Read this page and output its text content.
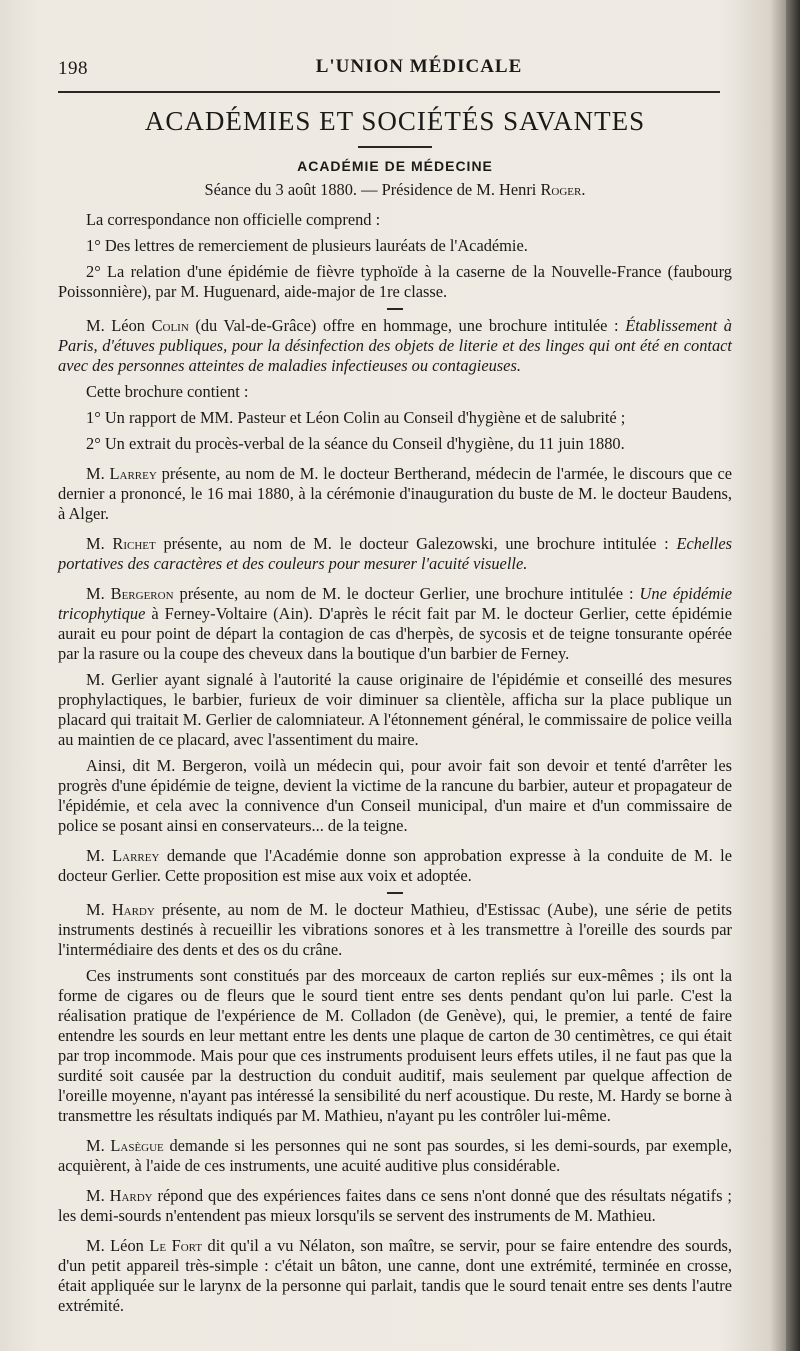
198	L'UNION MÉDICALE
ACADÉMIES ET SOCIÉTÉS SAVANTES
ACADÉMIE DE MÉDECINE
Séance du 3 août 1880. — Présidence de M. Henri Roger.

La correspondance non officielle comprend :

1° Des lettres de remerciement de plusieurs lauréats de l'Académie.

2° La relation d'une épidémie de fièvre typhoïde à la caserne de la Nouvelle-France (faubourg Poissonnière), par M. Huguenard, aide-major de 1re classe.

M. Léon Colin (du Val-de-Grâce) offre en hommage, une brochure intitulée : Établissement à Paris, d'étuves publiques, pour la désinfection des objets de literie et des linges qui ont été en contact avec des personnes atteintes de maladies infectieuses ou contagieuses.

Cette brochure contient :

1° Un rapport de MM. Pasteur et Léon Colin au Conseil d'hygiène et de salubrité ;

2° Un extrait du procès-verbal de la séance du Conseil d'hygiène, du 11 juin 1880.

M. Larrey présente, au nom de M. le docteur Bertherand, médecin de l'armée, le discours que ce dernier a prononcé, le 16 mai 1880, à la cérémonie d'inauguration du buste de M. le docteur Baudens, à Alger.

M. Richet présente, au nom de M. le docteur Galezowski, une brochure intitulée : Echelles portatives des caractères et des couleurs pour mesurer l'acuité visuelle.

M. Bergeron présente, au nom de M. le docteur Gerlier, une brochure intitulée : Une épidémie tricophytique à Ferney-Voltaire (Ain). D'après le récit fait par M. le docteur Gerlier, cette épidémie aurait eu pour point de départ la contagion de cas d'herpès, de sycosis et de teigne tonsurante opérée par la rasure ou la coupe des cheveux dans la boutique d'un barbier de Ferney.

M. Gerlier ayant signalé à l'autorité la cause originaire de l'épidémie et conseillé des mesures prophylactiques, le barbier, furieux de voir diminuer sa clientèle, afficha sur la place publique un placard qui traitait M. Gerlier de calomniateur. A l'étonnement général, le commissaire de police veilla au maintien de ce placard, avec l'assentiment du maire.

Ainsi, dit M. Bergeron, voilà un médecin qui, pour avoir fait son devoir et tenté d'arrêter les progrès d'une épidémie de teigne, devient la victime de la rancune du barbier, auteur et propagateur de l'épidémie, et cela avec la connivence d'un Conseil municipal, d'un maire et d'un commissaire de police se posant ainsi en conservateurs... de la teigne.

M. Larrey demande que l'Académie donne son approbation expresse à la conduite de M. le docteur Gerlier. Cette proposition est mise aux voix et adoptée.

M. Hardy présente, au nom de M. le docteur Mathieu, d'Estissac (Aube), une série de petits instruments destinés à recueillir les vibrations sonores et à les transmettre à l'oreille des sourds par l'intermédiaire des dents et des os du crâne.

Ces instruments sont constitués par des morceaux de carton repliés sur eux-mêmes ; ils ont la forme de cigares ou de fleurs que le sourd tient entre ses dents pendant qu'on lui parle. C'est la réalisation pratique de l'expérience de M. Colladon (de Genève), qui, le premier, a tenté de faire entendre les sourds en leur mettant entre les dents une plaque de carton de 30 centimètres, ce qui était par trop incommode. Mais pour que ces instruments produisent leurs effets utiles, il ne faut pas que la surdité soit causée par la destruction du conduit auditif, mais seulement par quelque affection de l'oreille moyenne, n'ayant pas intéressé la sensibilité du nerf acoustique. Du reste, M. Hardy se borne à transmettre les résultats indiqués par M. Mathieu, n'ayant pu les contrôler lui-même.

M. Lasègue demande si les personnes qui ne sont pas sourdes, si les demi-sourds, par exemple, acquièrent, à l'aide de ces instruments, une acuité auditive plus considérable.

M. Hardy répond que des expériences faites dans ce sens n'ont donné que des résultats négatifs ; les demi-sourds n'entendent pas mieux lorsqu'ils se servent des instruments de M. Mathieu.

M. Léon Le Fort dit qu'il a vu Nélaton, son maître, se servir, pour se faire entendre des sourds, d'un petit appareil très-simple : c'était un bâton, une canne, dont une extrémité, terminée en crosse, était appliquée sur le larynx de la personne qui parlait, tandis que le sourd tenait entre ses dents l'autre extrémité.
